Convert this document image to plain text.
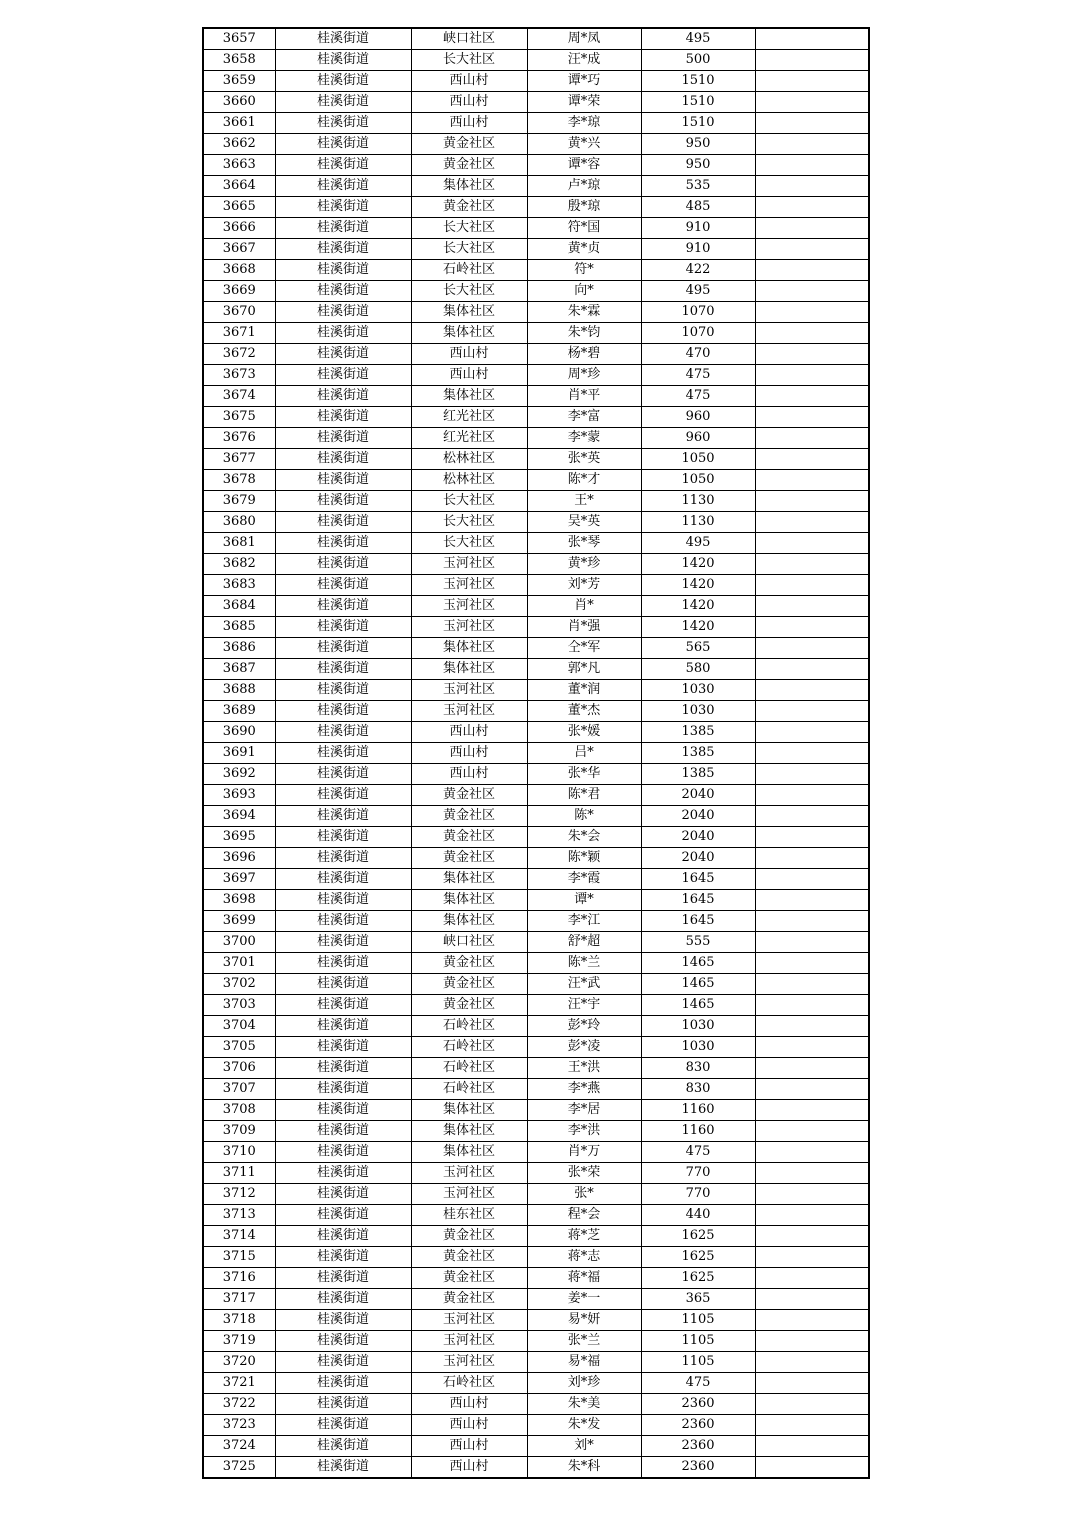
3657	桂溪街道	峡口社区	周*凤	495	
3658	桂溪街道	长大社区	汪*成	500	
3659	桂溪街道	西山村	谭*巧	1510	
3660	桂溪街道	西山村	谭*荣	1510	
3661	桂溪街道	西山村	李*琼	1510	
3662	桂溪街道	黄金社区	黄*兴	950	
3663	桂溪街道	黄金社区	谭*容	950	
3664	桂溪街道	集体社区	卢*琼	535	
3665	桂溪街道	黄金社区	殷*琼	485	
3666	桂溪街道	长大社区	符*国	910	
3667	桂溪街道	长大社区	黄*贞	910	
3668	桂溪街道	石岭社区	符*	422	
3669	桂溪街道	长大社区	向*	495	
3670	桂溪街道	集体社区	朱*霖	1070	
3671	桂溪街道	集体社区	朱*钧	1070	
3672	桂溪街道	西山村	杨*碧	470	
3673	桂溪街道	西山村	周*珍	475	
3674	桂溪街道	集体社区	肖*平	475	
3675	桂溪街道	红光社区	李*富	960	
3676	桂溪街道	红光社区	李*蒙	960	
3677	桂溪街道	松林社区	张*英	1050	
3678	桂溪街道	松林社区	陈*才	1050	
3679	桂溪街道	长大社区	王*	1130	
3680	桂溪街道	长大社区	吴*英	1130	
3681	桂溪街道	长大社区	张*琴	495	
3682	桂溪街道	玉河社区	黄*珍	1420	
3683	桂溪街道	玉河社区	刘*芳	1420	
3684	桂溪街道	玉河社区	肖*	1420	
3685	桂溪街道	玉河社区	肖*强	1420	
3686	桂溪街道	集体社区	仝*军	565	
3687	桂溪街道	集体社区	郭*凡	580	
3688	桂溪街道	玉河社区	董*润	1030	
3689	桂溪街道	玉河社区	董*杰	1030	
3690	桂溪街道	西山村	张*媛	1385	
3691	桂溪街道	西山村	吕*	1385	
3692	桂溪街道	西山村	张*华	1385	
3693	桂溪街道	黄金社区	陈*君	2040	
3694	桂溪街道	黄金社区	陈*	2040	
3695	桂溪街道	黄金社区	朱*会	2040	
3696	桂溪街道	黄金社区	陈*颖	2040	
3697	桂溪街道	集体社区	李*霞	1645	
3698	桂溪街道	集体社区	谭*	1645	
3699	桂溪街道	集体社区	李*江	1645	
3700	桂溪街道	峡口社区	舒*超	555	
3701	桂溪街道	黄金社区	陈*兰	1465	
3702	桂溪街道	黄金社区	汪*武	1465	
3703	桂溪街道	黄金社区	汪*宇	1465	
3704	桂溪街道	石岭社区	彭*玲	1030	
3705	桂溪街道	石岭社区	彭*凌	1030	
3706	桂溪街道	石岭社区	王*洪	830	
3707	桂溪街道	石岭社区	李*燕	830	
3708	桂溪街道	集体社区	李*居	1160	
3709	桂溪街道	集体社区	李*洪	1160	
3710	桂溪街道	集体社区	肖*万	475	
3711	桂溪街道	玉河社区	张*荣	770	
3712	桂溪街道	玉河社区	张*	770	
3713	桂溪街道	桂东社区	程*会	440	
3714	桂溪街道	黄金社区	蒋*芝	1625	
3715	桂溪街道	黄金社区	蒋*志	1625	
3716	桂溪街道	黄金社区	蒋*福	1625	
3717	桂溪街道	黄金社区	姜*一	365	
3718	桂溪街道	玉河社区	易*妍	1105	
3719	桂溪街道	玉河社区	张*兰	1105	
3720	桂溪街道	玉河社区	易*福	1105	
3721	桂溪街道	石岭社区	刘*珍	475	
3722	桂溪街道	西山村	朱*美	2360	
3723	桂溪街道	西山村	朱*发	2360	
3724	桂溪街道	西山村	刘*	2360	
3725	桂溪街道	西山村	朱*科	2360	
